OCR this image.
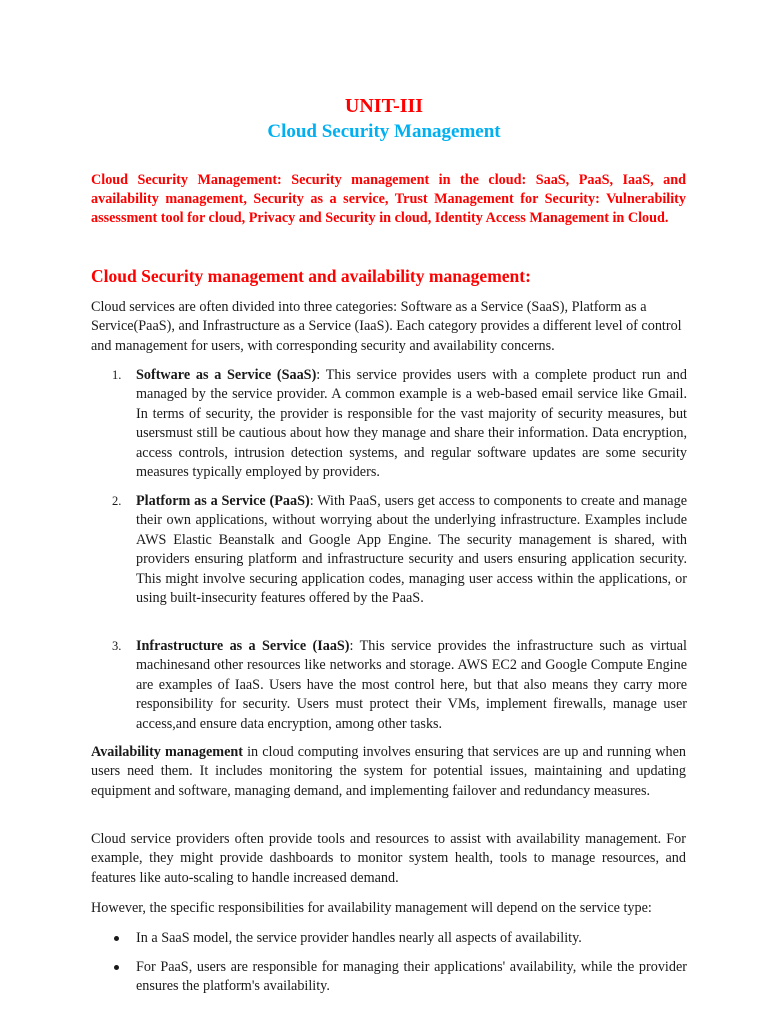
UNIT-III
Cloud Security Management

Cloud Security Management: Security management in the cloud: SaaS, PaaS, IaaS, and availability management, Security as a service, Trust Management for Security: Vulnerability assessment tool for cloud, Privacy and Security in cloud, Identity Access Management in Cloud.

Cloud Security management and availability management:

Cloud services are often divided into three categories: Software as a Service (SaaS), Platform as a Service(PaaS), and Infrastructure as a Service (IaaS). Each category provides a different level of control and management for users, with corresponding security and availability concerns.

1.	Software as a Service (SaaS): This service provides users with a complete product run and managed by the service provider. A common example is a web-based email service like Gmail. In terms of security, the provider is responsible for the vast majority of security measures, but usersmust still be cautious about how they manage and share their information. Data encryption, access controls, intrusion detection systems, and regular software updates are some security measures typically employed by providers.

2.	Platform as a Service (PaaS): With PaaS, users get access to components to create and manage their own applications, without worrying about the underlying infrastructure. Examples include AWS Elastic Beanstalk and Google App Engine. The security management is shared, with providers ensuring platform and infrastructure security and users ensuring application security. This might involve securing application codes, managing user access within the applications, or using built-insecurity features offered by the PaaS.

3.	Infrastructure as a Service (IaaS): This service provides the infrastructure such as virtual machinesand other resources like networks and storage. AWS EC2 and Google Compute Engine are examples of IaaS. Users have the most control here, but that also means they carry more responsibility for security. Users must protect their VMs, implement firewalls, manage user access,and ensure data encryption, among other tasks.

Availability management in cloud computing involves ensuring that services are up and running when users need them. It includes monitoring the system for potential issues, maintaining and updating equipment and software, managing demand, and implementing failover and redundancy measures.

Cloud service providers often provide tools and resources to assist with availability management. For example, they might provide dashboards to monitor system health, tools to manage resources, and features like auto-scaling to handle increased demand.

However, the specific responsibilities for availability management will depend on the service type:

In a SaaS model, the service provider handles nearly all aspects of availability.

For PaaS, users are responsible for managing their applications' availability, while the provider ensures the platform's availability.
